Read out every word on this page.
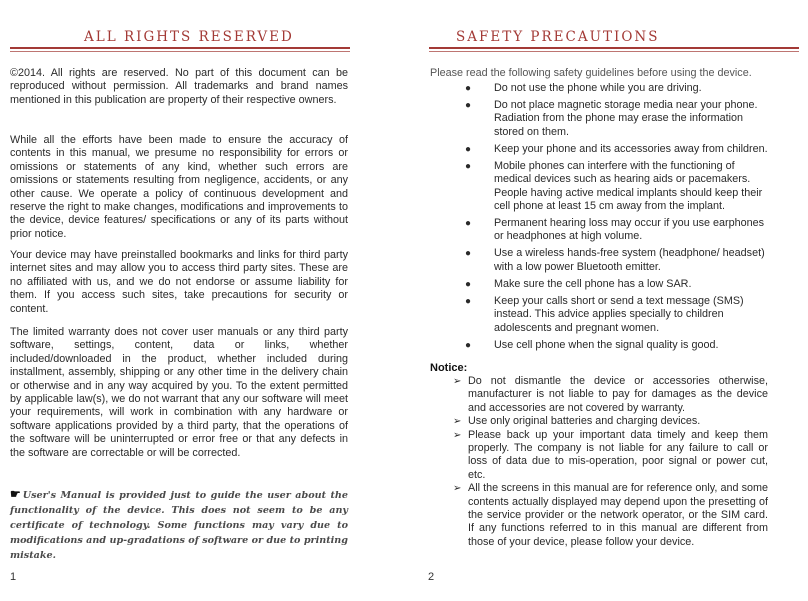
ALL RIGHTS RESERVED

©2014. All rights are reserved. No part of this document can be reproduced without permission. All trademarks and brand names mentioned in this publication are property of their respective owners.

While all the efforts have been made to ensure the accuracy of contents in this manual, we presume no responsibility for errors or omissions or statements of any kind, whether such errors are omissions or statements resulting from negligence, accidents, or any other cause. We operate a policy of continuous development and reserve the right to make changes, modifications and improvements to the device, device features/ specifications or any of its parts without prior notice.

Your device may have preinstalled bookmarks and links for third party internet sites and may allow you to access third party sites. These are no affiliated with us, and we do not endorse or assume liability for them. If you access such sites, take precautions for security or content.

The limited warranty does not cover user manuals or any third party software, settings, content, data or links, whether included/downloaded in the product, whether included during installment, assembly, shipping or any other time in the delivery chain or otherwise and in any way acquired by you. To the extent permitted by applicable law(s), we do not warrant that any our software will meet your requirements, will work in combination with any hardware or software applications provided by a third party, that the operations of the software will be uninterrupted or error free or that any defects in the software are correctable or will be corrected.

☛ User's Manual is provided just to guide the user about the functionality of the device. This does not seem to be any certificate of technology. Some functions may vary due to modifications and up-gradations of software or due to printing mistake.

1
SAFETY PRECAUTIONS
Please read the following safety guidelines before using the device.
● Do not use the phone while you are driving.
● Do not place magnetic storage media near your phone. Radiation from the phone may erase the information stored on them.
● Keep your phone and its accessories away from children.
● Mobile phones can interfere with the functioning of medical devices such as hearing aids or pacemakers. People having active medical implants should keep their cell phone at least 15 cm away from the implant.
● Permanent hearing loss may occur if you use earphones or headphones at high volume.
● Use a wireless hands-free system (headphone/ headset) with a low power Bluetooth emitter.
● Make sure the cell phone has a low SAR.
● Keep your calls short or send a text message (SMS) instead. This advice applies specially to children adolescents and pregnant women.
● Use cell phone when the signal quality is good.
Notice:
➢ Do not dismantle the device or accessories otherwise, manufacturer is not liable to pay for damages as the device and accessories are not covered by warranty.
➢ Use only original batteries and charging devices.
➢ Please back up your important data timely and keep them properly. The company is not liable for any failure to call or loss of data due to mis-operation, poor signal or power cut, etc.
➢ All the screens in this manual are for reference only, and some contents actually displayed may depend upon the presetting of the service provider or the network operator, or the SIM card. If any functions referred to in this manual are different from those of your device, please follow your device.
2
